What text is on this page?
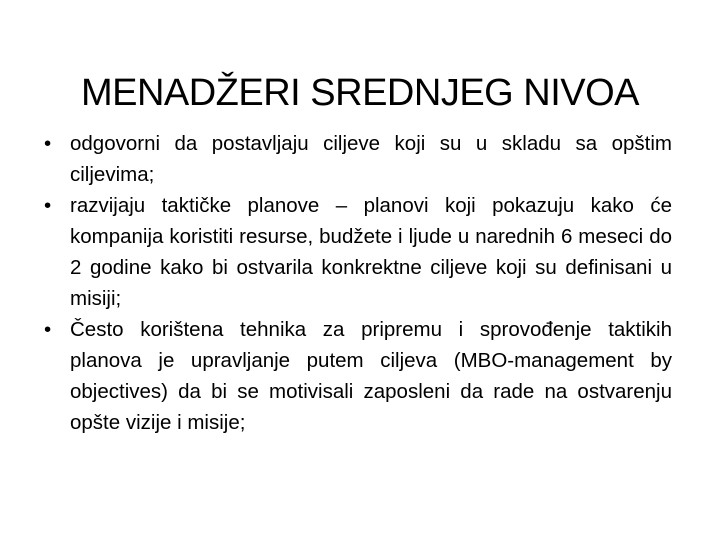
MENADŽERI SREDNJEG NIVOA
• odgovorni da postavljaju ciljeve koji su u skladu sa opštim ciljevima;
• razvijaju taktičke planove – planovi koji pokazuju kako će kompanija koristiti resurse, budžete i ljude u narednih 6 meseci do 2 godine kako bi ostvarila konkrektne ciljeve koji su definisani u misiji;
• Često korištena tehnika za pripremu i sprovođenje taktikih planova je upravljanje putem ciljeva (MBO-management by objectives) da bi se motivisali zaposleni da rade na ostvarenju opšte vizije i misije;
